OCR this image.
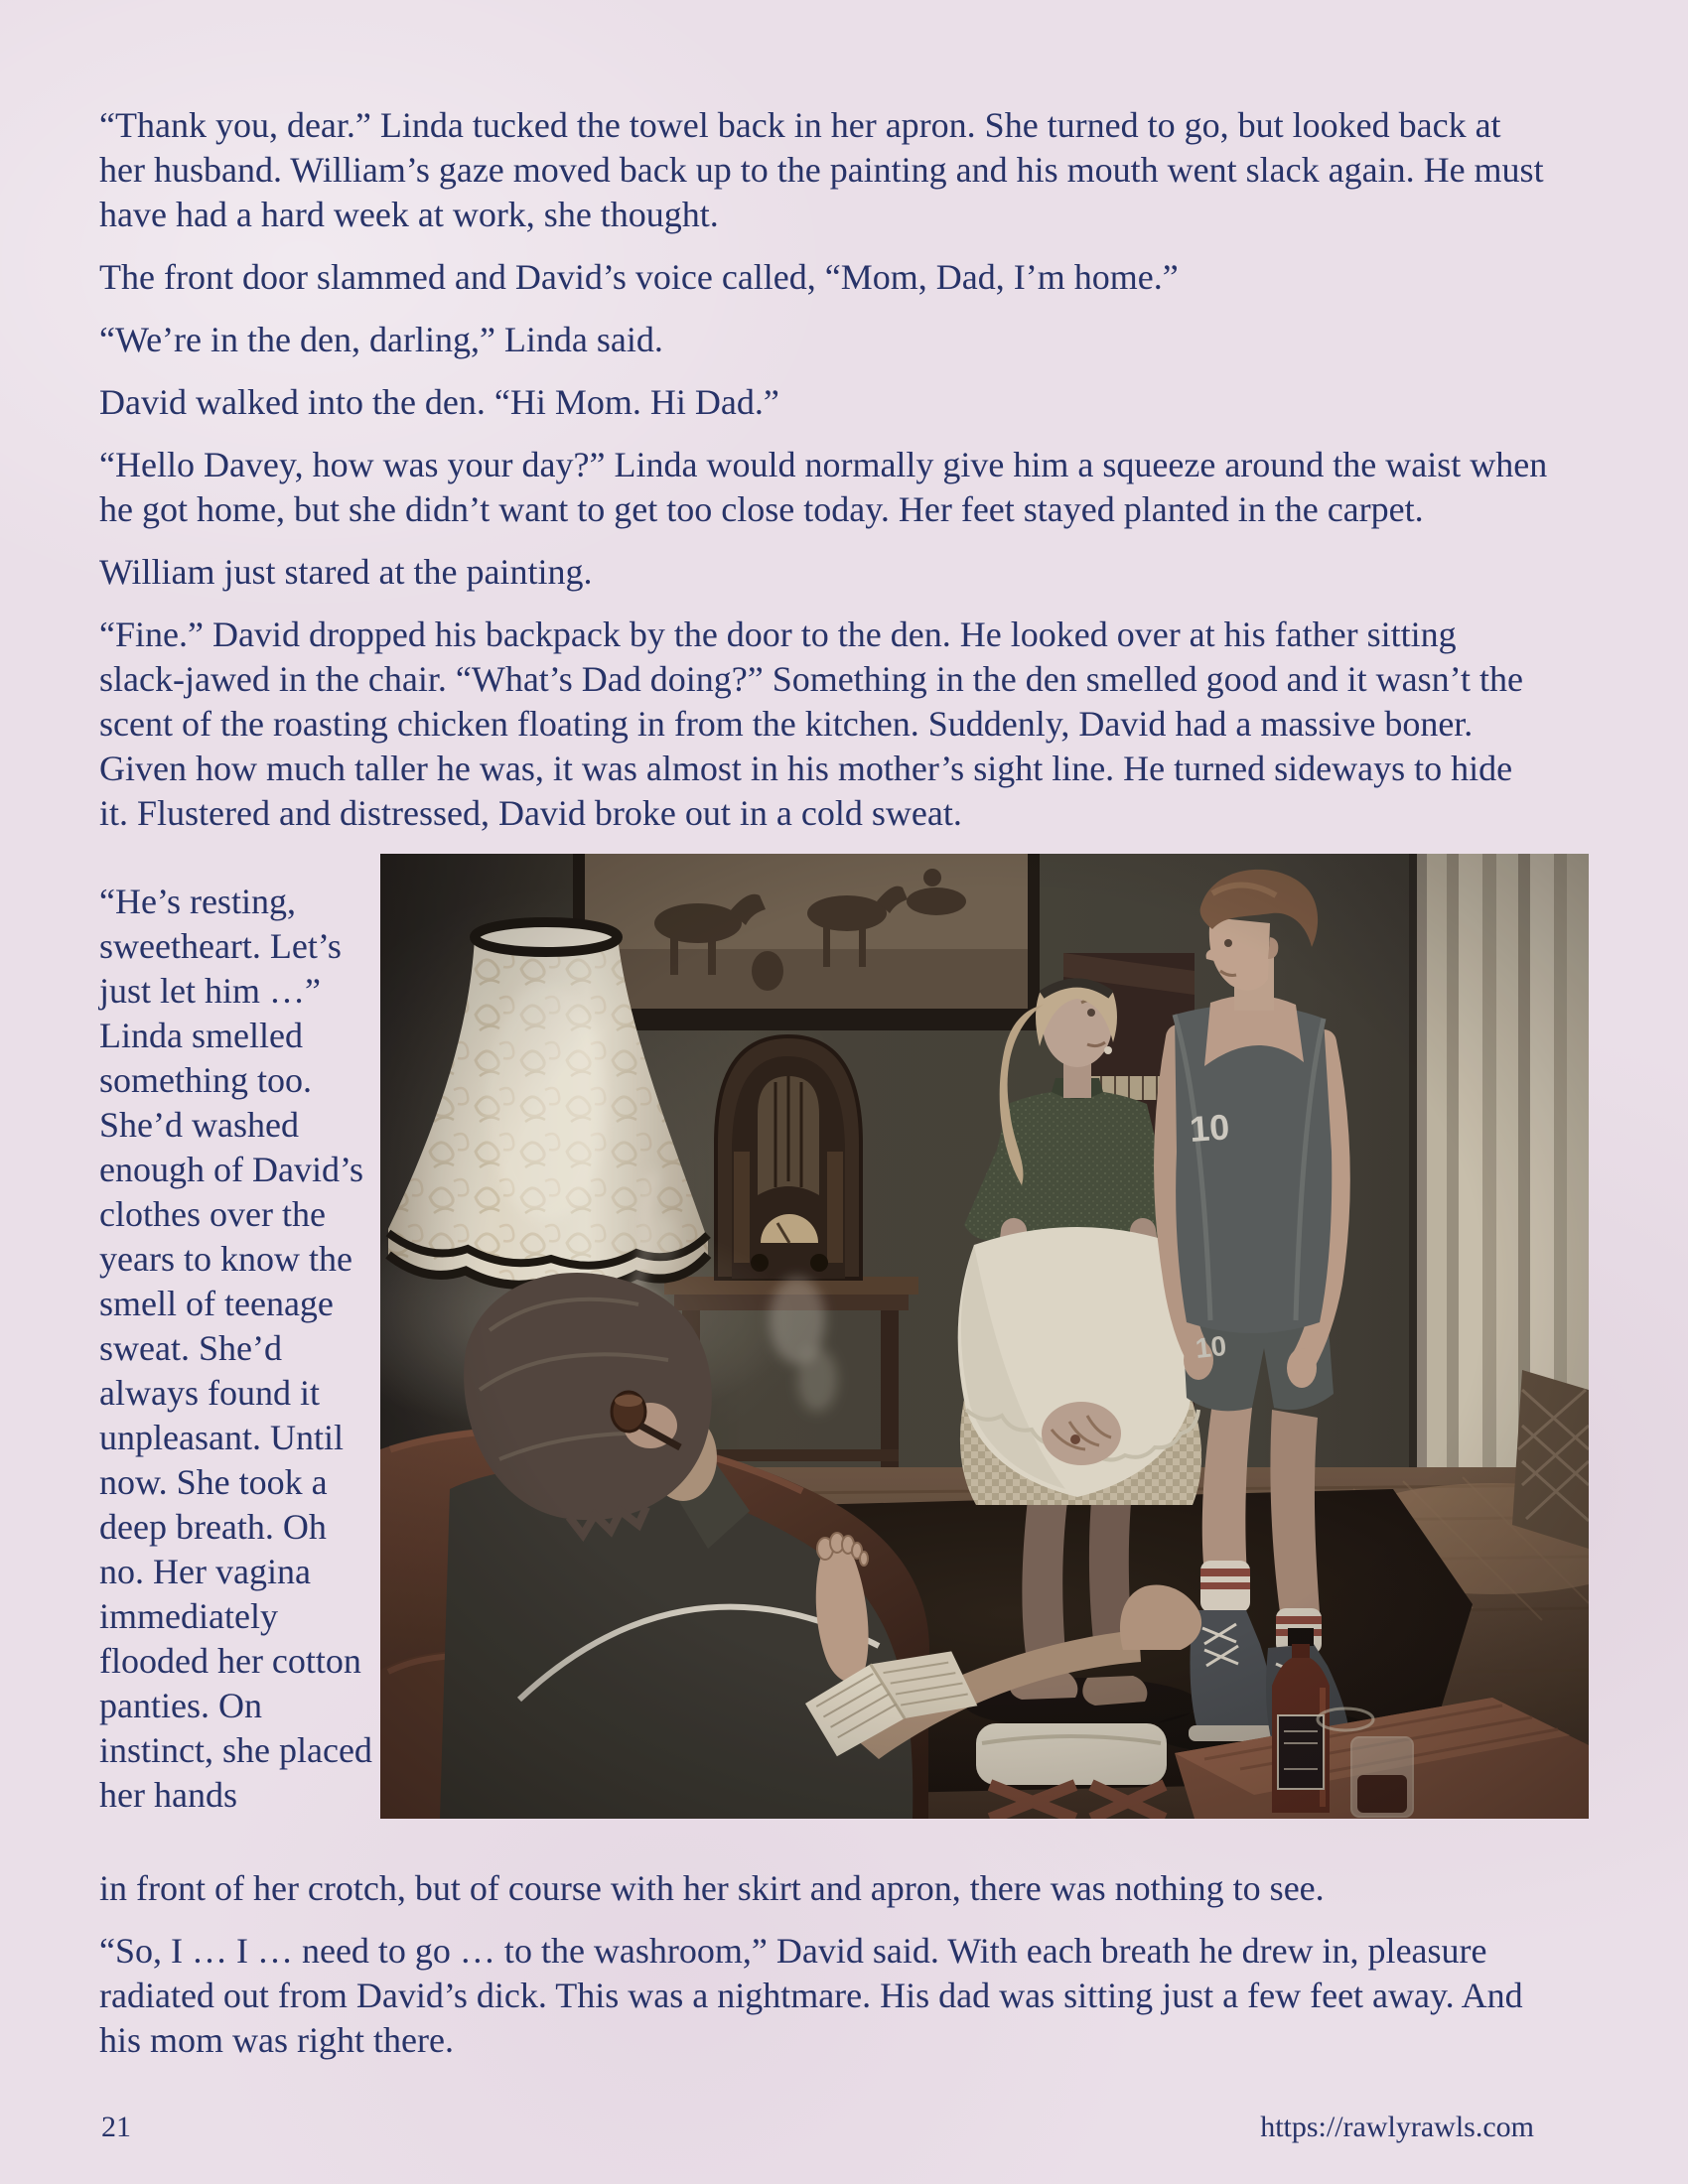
“Thank you, dear.” Linda tucked the towel back in her apron. She turned to go, but looked back at her husband. William’s gaze moved back up to the painting and his mouth went slack again. He must have had a hard week at work, she thought.

The front door slammed and David’s voice called, “Mom, Dad, I’m home.”

“We’re in the den, darling,” Linda said.

David walked into the den. “Hi Mom. Hi Dad.”

“Hello Davey, how was your day?” Linda would normally give him a squeeze around the waist when he got home, but she didn’t want to get too close today. Her feet stayed planted in the carpet.

William just stared at the painting.

“Fine.” David dropped his backpack by the door to the den. He looked over at his father sitting slack-jawed in the chair. “What’s Dad doing?” Something in the den smelled good and it wasn’t the scent of the roasting chicken floating in from the kitchen. Suddenly, David had a massive boner. Given how much taller he was, it was almost in his mother’s sight line. He turned sideways to hide it. Flustered and distressed, David broke out in a cold sweat.

“He’s resting, sweetheart. Let’s just let him …” Linda smelled something too. She’d washed enough of David’s clothes over the years to know the smell of teenage sweat. She’d always found it unpleasant. Until now. She took a deep breath. Oh no. Her vagina immediately flooded her cotton panties. On instinct, she placed her hands

in front of her crotch, but of course with her skirt and apron, there was nothing to see.

“So, I … I … need to go … to the washroom,” David said. With each breath he drew in, pleasure radiated out from David’s dick. This was a nightmare. His dad was sitting just a few feet away. And his mom was right there.

21	https://rawlyrawls.com
